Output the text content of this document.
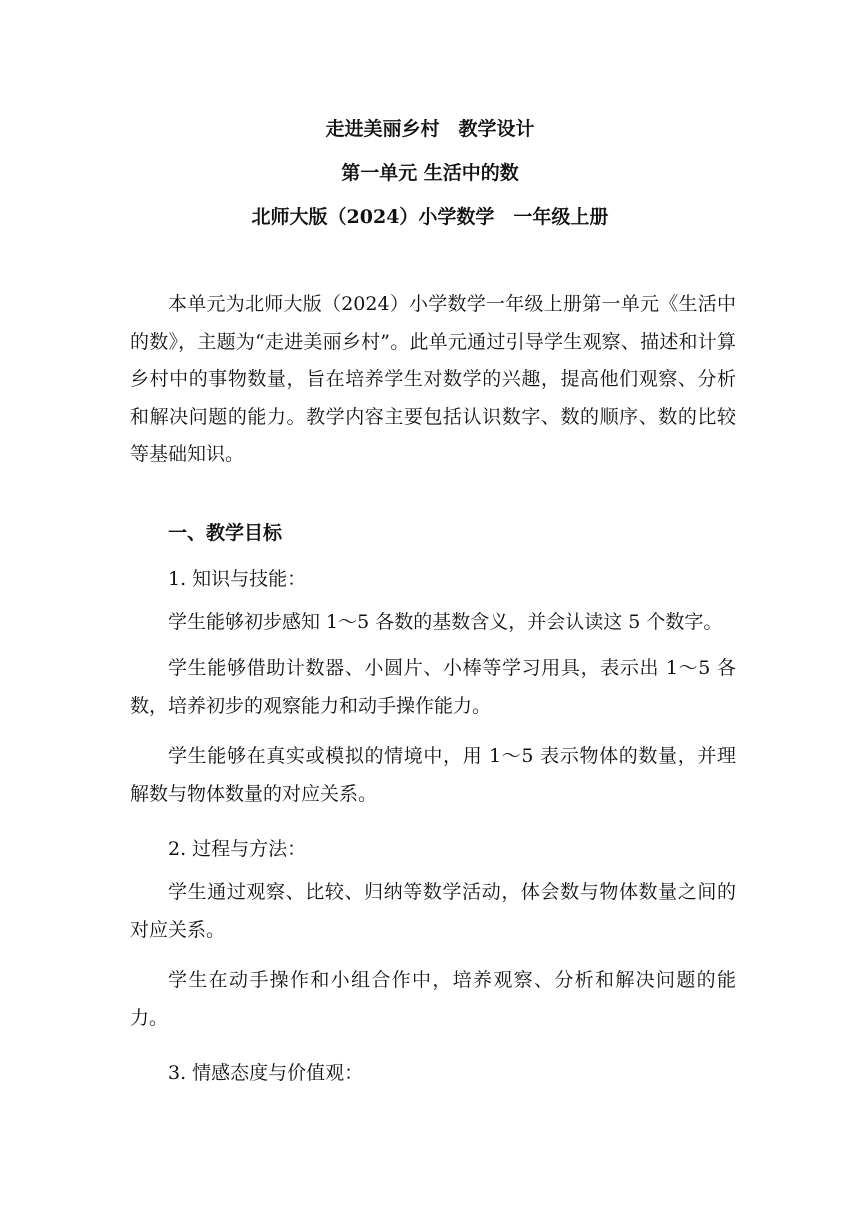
走进美丽乡村　教学设计
第一单元 生活中的数
北师大版（2024）小学数学　一年级上册

本单元为北师大版（2024）小学数学一年级上册第一单元《生活中的数》，主题为“走进美丽乡村”。此单元通过引导学生观察、描述和计算乡村中的事物数量，旨在培养学生对数学的兴趣，提高他们观察、分析和解决问题的能力。教学内容主要包括认识数字、数的顺序、数的比较等基础知识。

一、教学目标
1. 知识与技能：

学生能够初步感知 1～5 各数的基数含义，并会认读这 5 个数字。

学生能够借助计数器、小圆片、小棒等学习用具，表示出 1～5 各数，培养初步的观察能力和动手操作能力。

学生能够在真实或模拟的情境中，用 1～5 表示物体的数量，并理解数与物体数量的对应关系。

2. 过程与方法：

学生通过观察、比较、归纳等数学活动，体会数与物体数量之间的对应关系。

学生在动手操作和小组合作中，培养观察、分析和解决问题的能力。

3. 情感态度与价值观：
